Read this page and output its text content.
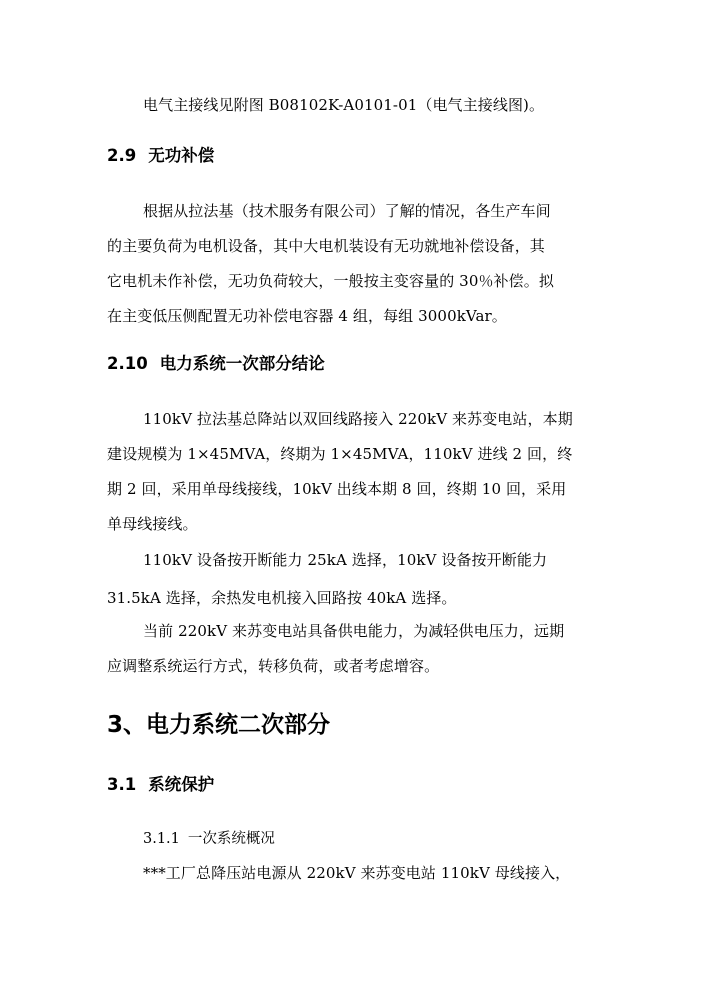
电气主接线见附图 B08102K-A0101-01（电气主接线图)。

2.9 无功补偿

根据从拉法基（技术服务有限公司）了解的情况，各生产车间

的主要负荷为电机设备，其中大电机装设有无功就地补偿设备，其

它电机未作补偿，无功负荷较大，一般按主变容量的 30％补偿。拟

在主变低压侧配置无功补偿电容器 4 组，每组 3000kVar。

2.10 电力系统一次部分结论

110kV 拉法基总降站以双回线路接入 220kV 来苏变电站，本期

建设规模为 1×45MVA，终期为 1×45MVA，110kV 进线 2 回，终

期 2 回，采用单母线接线，10kV 出线本期 8 回，终期 10 回，采用

单母线接线。

110kV 设备按开断能力 25kA 选择，10kV 设备按开断能力

31.5kA 选择，余热发电机接入回路按 40kA 选择。

当前 220kV 来苏变电站具备供电能力，为减轻供电压力，远期

应调整系统运行方式，转移负荷，或者考虑增容。

3、电力系统二次部分
3.1 系统保护
3.1.1 一次系统概况

***工厂总降压站电源从 220kV 来苏变电站 110kV 母线接入，
